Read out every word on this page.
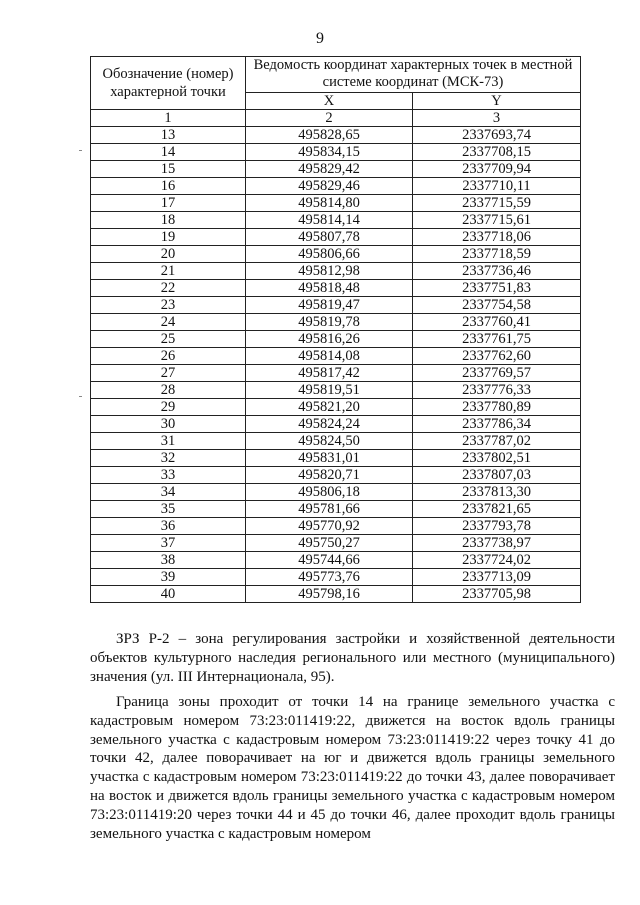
9
Обозначение (номер) характерной точки	Ведомость координат характерных точек в местной системе координат (МСК-73)	
	X	Y
1	2	3
13	495828,65	2337693,74
14	495834,15	2337708,15
15	495829,42	2337709,94
16	495829,46	2337710,11
17	495814,80	2337715,59
18	495814,14	2337715,61
19	495807,78	2337718,06
20	495806,66	2337718,59
21	495812,98	2337736,46
22	495818,48	2337751,83
23	495819,47	2337754,58
24	495819,78	2337760,41
25	495816,26	2337761,75
26	495814,08	2337762,60
27	495817,42	2337769,57
28	495819,51	2337776,33
29	495821,20	2337780,89
30	495824,24	2337786,34
31	495824,50	2337787,02
32	495831,01	2337802,51
33	495820,71	2337807,03
34	495806,18	2337813,30
35	495781,66	2337821,65
36	495770,92	2337793,78
37	495750,27	2337738,97
38	495744,66	2337724,02
39	495773,76	2337713,09
40	495798,16	2337705,98

ЗРЗ Р-2 – зона регулирования застройки и хозяйственной деятельности объектов культурного наследия регионального или местного (муниципального) значения (ул. III Интернационала, 95).

Граница зоны проходит от точки 14 на границе земельного участка с кадастровым номером 73:23:011419:22, движется на восток вдоль границы земельного участка с кадастровым номером 73:23:011419:22 через точку 41 до точки 42, далее поворачивает на юг и движется вдоль границы земельного участка с кадастровым номером 73:23:011419:22 до точки 43, далее поворачивает на восток и движется вдоль границы земельного участка с кадастровым номером 73:23:011419:20 через точки 44 и 45 до точки 46, далее проходит вдоль границы земельного участка с кадастровым номером
